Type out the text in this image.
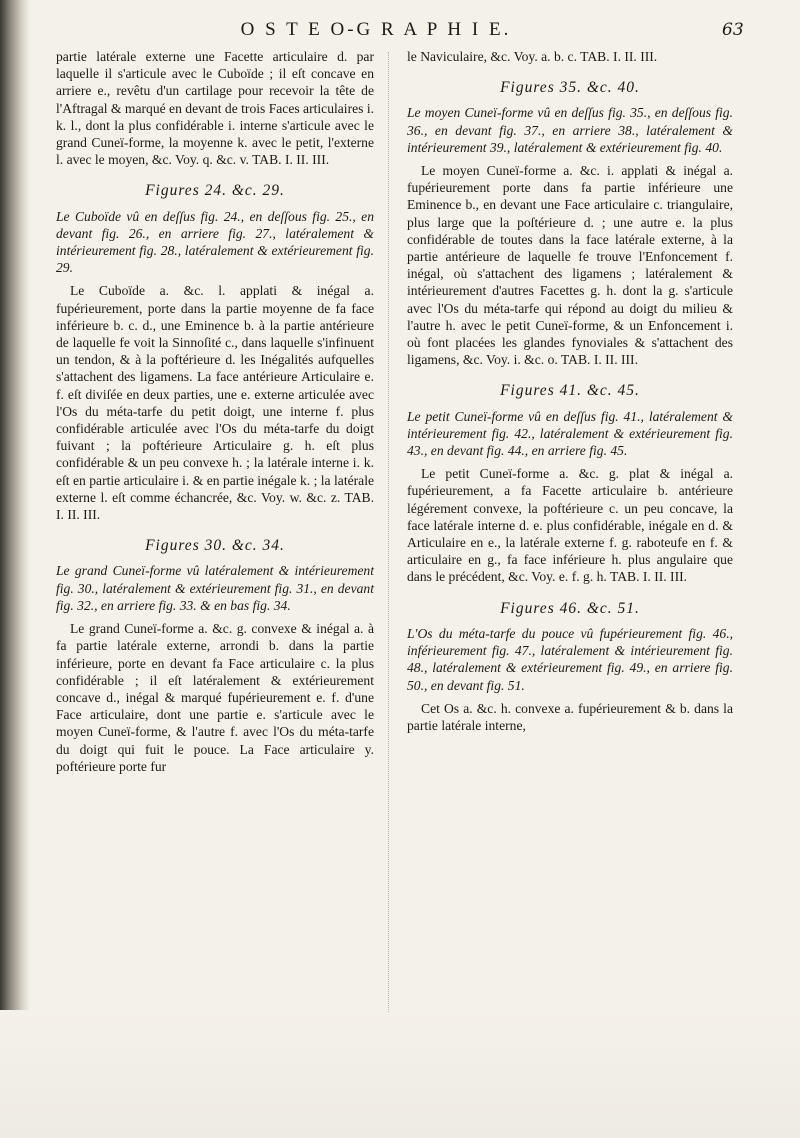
O S T E O-G R A P H I E.	63

partie latérale externe une Facette articulaire d. par laquelle il s'articule avec le Cuboïde ; il eſt concave en arriere e., revêtu d'un cartilage pour recevoir la tête de l'Aftragal & marqué en devant de trois Faces articulaires i. k. l., dont la plus confidérable i. interne s'articule avec le grand Cuneï-forme, la moyenne k. avec le petit, l'externe l. avec le moyen, &c. Voy. q. &c. v. TAB. I. II. III.

Figures 24. &c. 29.

Le Cuboïde vû en deſſus fig. 24., en deſſous fig. 25., en devant fig. 26., en arriere fig. 27., latéralement & intérieurement fig. 28., latéralement & extérieurement fig. 29.

Le Cuboïde a. &c. l. applati & inégal a. fupérieurement, porte dans la partie moyenne de fa face inférieure b. c. d., une Eminence b. à la partie antérieure de laquelle fe voit la Sinnoſité c., dans laquelle s'infinuent un tendon, & à la poftérieure d. les Inégalités aufquelles s'attachent des ligamens. La face antérieure Articulaire e. f. eſt diviſée en deux parties, une e. externe articulée avec l'Os du méta-tarfe du petit doigt, une interne f. plus confidérable articulée avec l'Os du méta-tarfe du doigt fuivant ; la poftérieure Articulaire g. h. eſt plus confidérable & un peu convexe h. ; la latérale interne i. k. eſt en partie articulaire i. & en partie inégale k. ; la latérale externe l. eſt comme échancrée, &c. Voy. w. &c. z. TAB. I. II. III.

Figures 30. &c. 34.

Le grand Cuneï-forme vû latéralement & intérieurement fig. 30., latéralement & extérieurement fig. 31., en devant fig. 32., en arriere fig. 33. & en bas fig. 34.

Le grand Cuneï-forme a. &c. g. convexe & inégal a. à fa partie latérale externe, arrondi b. dans la partie inférieure, porte en devant fa Face articulaire c. la plus confidérable ; il eſt latéralement & extérieurement concave d., inégal & marqué fupérieurement e. f. d'une Face articulaire, dont une partie e. s'articule avec le moyen Cuneï-forme, & l'autre f. avec l'Os du méta-tarfe du doigt qui fuit le pouce. La Face articulaire y. poftérieure porte fur

le Naviculaire, &c. Voy. a. b. c. TAB. I. II. III.

Figures 35. &c. 40.

Le moyen Cuneï-forme vû en deſſus fig. 35., en deſſous fig. 36., en devant fig. 37., en arriere 38., latéralement & intérieurement 39., latéralement & extérieurement fig. 40.

Le moyen Cuneï-forme a. &c. i. applati & inégal a. fupérieurement porte dans fa partie inférieure une Eminence b., en devant une Face articulaire c. triangulaire, plus large que la poſtérieure d. ; une autre e. la plus confidérable de toutes dans la face latérale externe, à la partie antérieure de laquelle fe trouve l'Enfoncement f. inégal, où s'attachent des ligamens ; latéralement & intérieurement d'autres Facettes g. h. dont la g. s'articule avec l'Os du méta-tarfe qui répond au doigt du milieu & l'autre h. avec le petit Cuneï-forme, & un Enfoncement i. où font placées les glandes fynoviales & s'attachent des ligamens, &c. Voy. i. &c. o. TAB. I. II. III.

Figures 41. &c. 45.

Le petit Cuneï-forme vû en deſſus fig. 41., latéralement & intérieurement fig. 42., latéralement & extérieurement fig. 43., en devant fig. 44., en arriere fig. 45.

Le petit Cuneï-forme a. &c. g. plat & inégal a. fupérieurement, a fa Facette articulaire b. antérieure légérement convexe, la poftérieure c. un peu concave, la face latérale interne d. e. plus confidérable, inégale en d. & Articulaire en e., la latérale externe f. g. raboteufe en f. & articulaire en g., fa face inférieure h. plus angulaire que dans le précédent, &c. Voy. e. f. g. h. TAB. I. II. III.

Figures 46. &c. 51.

L'Os du méta-tarfe du pouce vû fupérieurement fig. 46., inférieurement fig. 47., latéralement & intérieurement fig. 48., latéralement & extérieurement fig. 49., en arriere fig. 50., en devant fig. 51.

Cet Os a. &c. h. convexe a. fupérieurement & b. dans la partie latérale interne,
